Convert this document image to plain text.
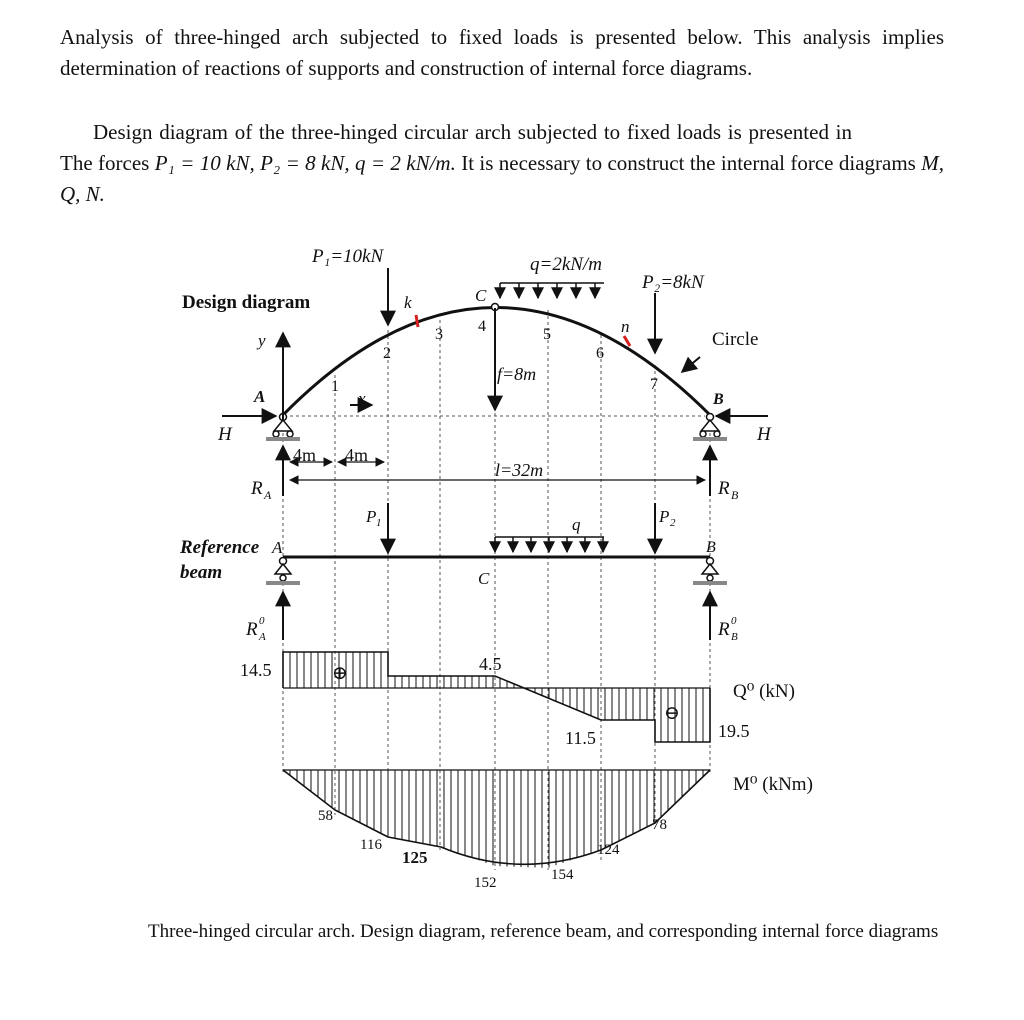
Analysis of three-hinged arch subjected to fixed loads is presented below. This analysis implies determination of reactions of supports and construction of internal force diagrams.

Design diagram of the three-hinged circular arch subjected to fixed loads is presented inThe forces P₁ = 10 kN, P₂ = 8 kN, q = 2 kN/m. It is necessary to construct the internal force diagrams M, Q, N.

Design diagram
P₁=10kN	q=2kN/m
P₂=8kN
k
n
C
A	B
H	H
x
y
f=8m
l=32m
4m 4m
Circle
R A	R B
1
2
3 4	5
6
7
Reference
beam
A	B
C
P 1	P 2
q
R 0
A	R 0
B
14.5	4.5
11.5	19.5
⊕
⊖
Q⁰ (kN)
58
116
125
152	154
124
78
M⁰ (kNm)

Three-hinged circular arch. Design diagram, reference beam, and corresponding internal force diagrams
